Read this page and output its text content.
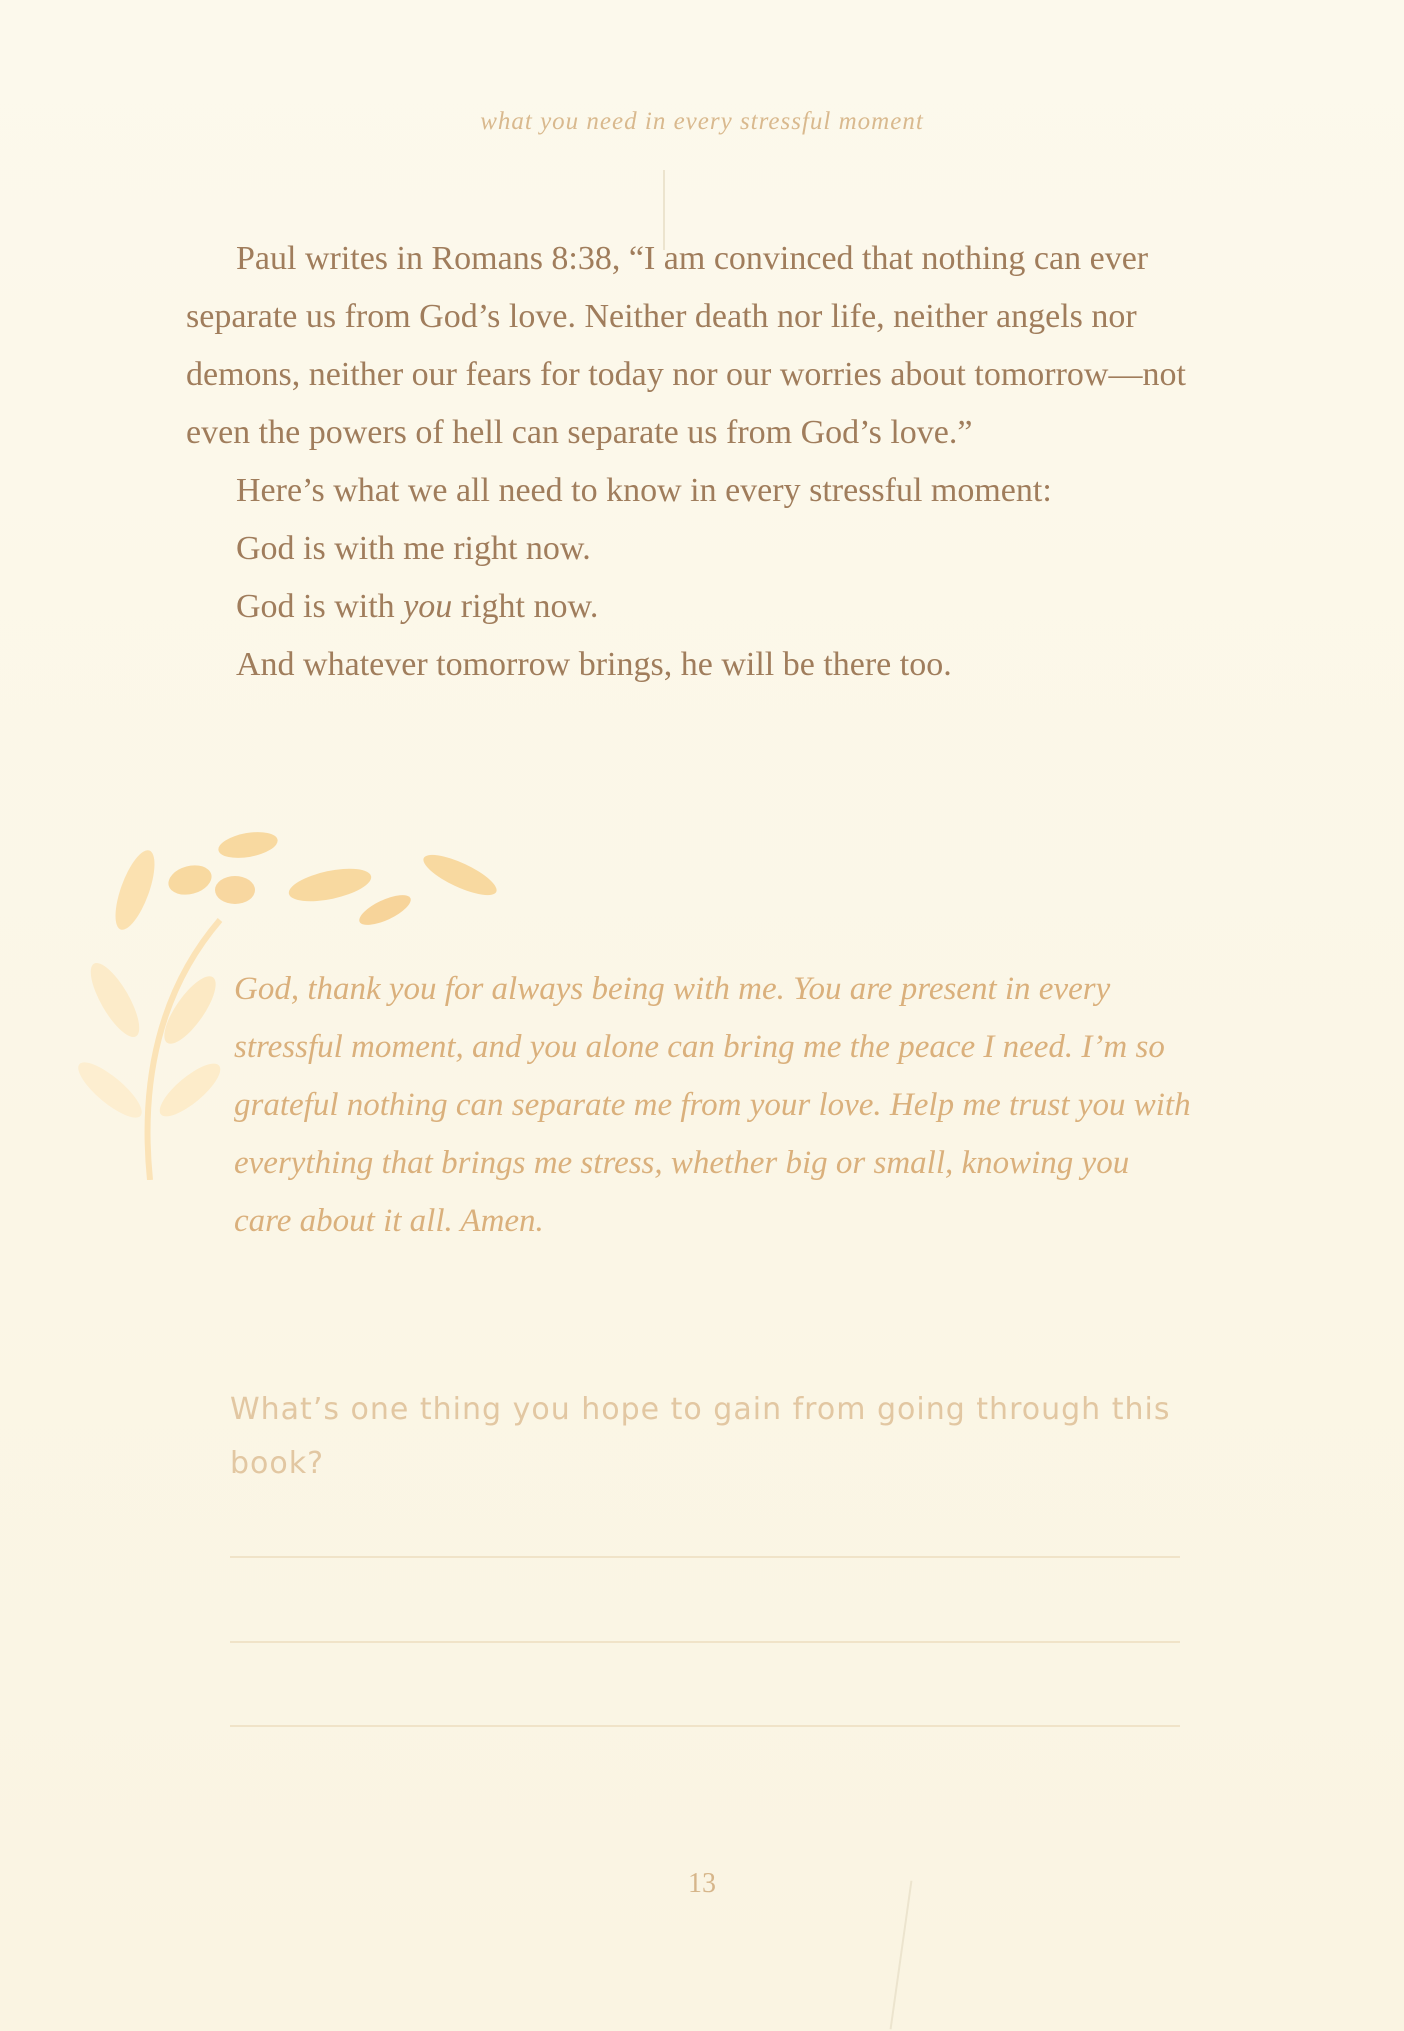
what you need in every stressful moment

Paul writes in Romans 8:38, “I am convinced that nothing can ever separate us from God’s love. Neither death nor life, neither angels nor demons, neither our fears for today nor our worries about tomorrow—not even the powers of hell can separate us from God’s love.”

Here’s what we all need to know in every stressful moment:
God is with me right now.
God is with you right now.
And whatever tomorrow brings, he will be there too.

God, thank you for always being with me. You are present in every stressful moment, and you alone can bring me the peace I need. I’m so grateful nothing can separate me from your love. Help me trust you with everything that brings me stress, whether big or small, knowing you care about it all. Amen.

What’s one thing you hope to gain from going through this book?
13
